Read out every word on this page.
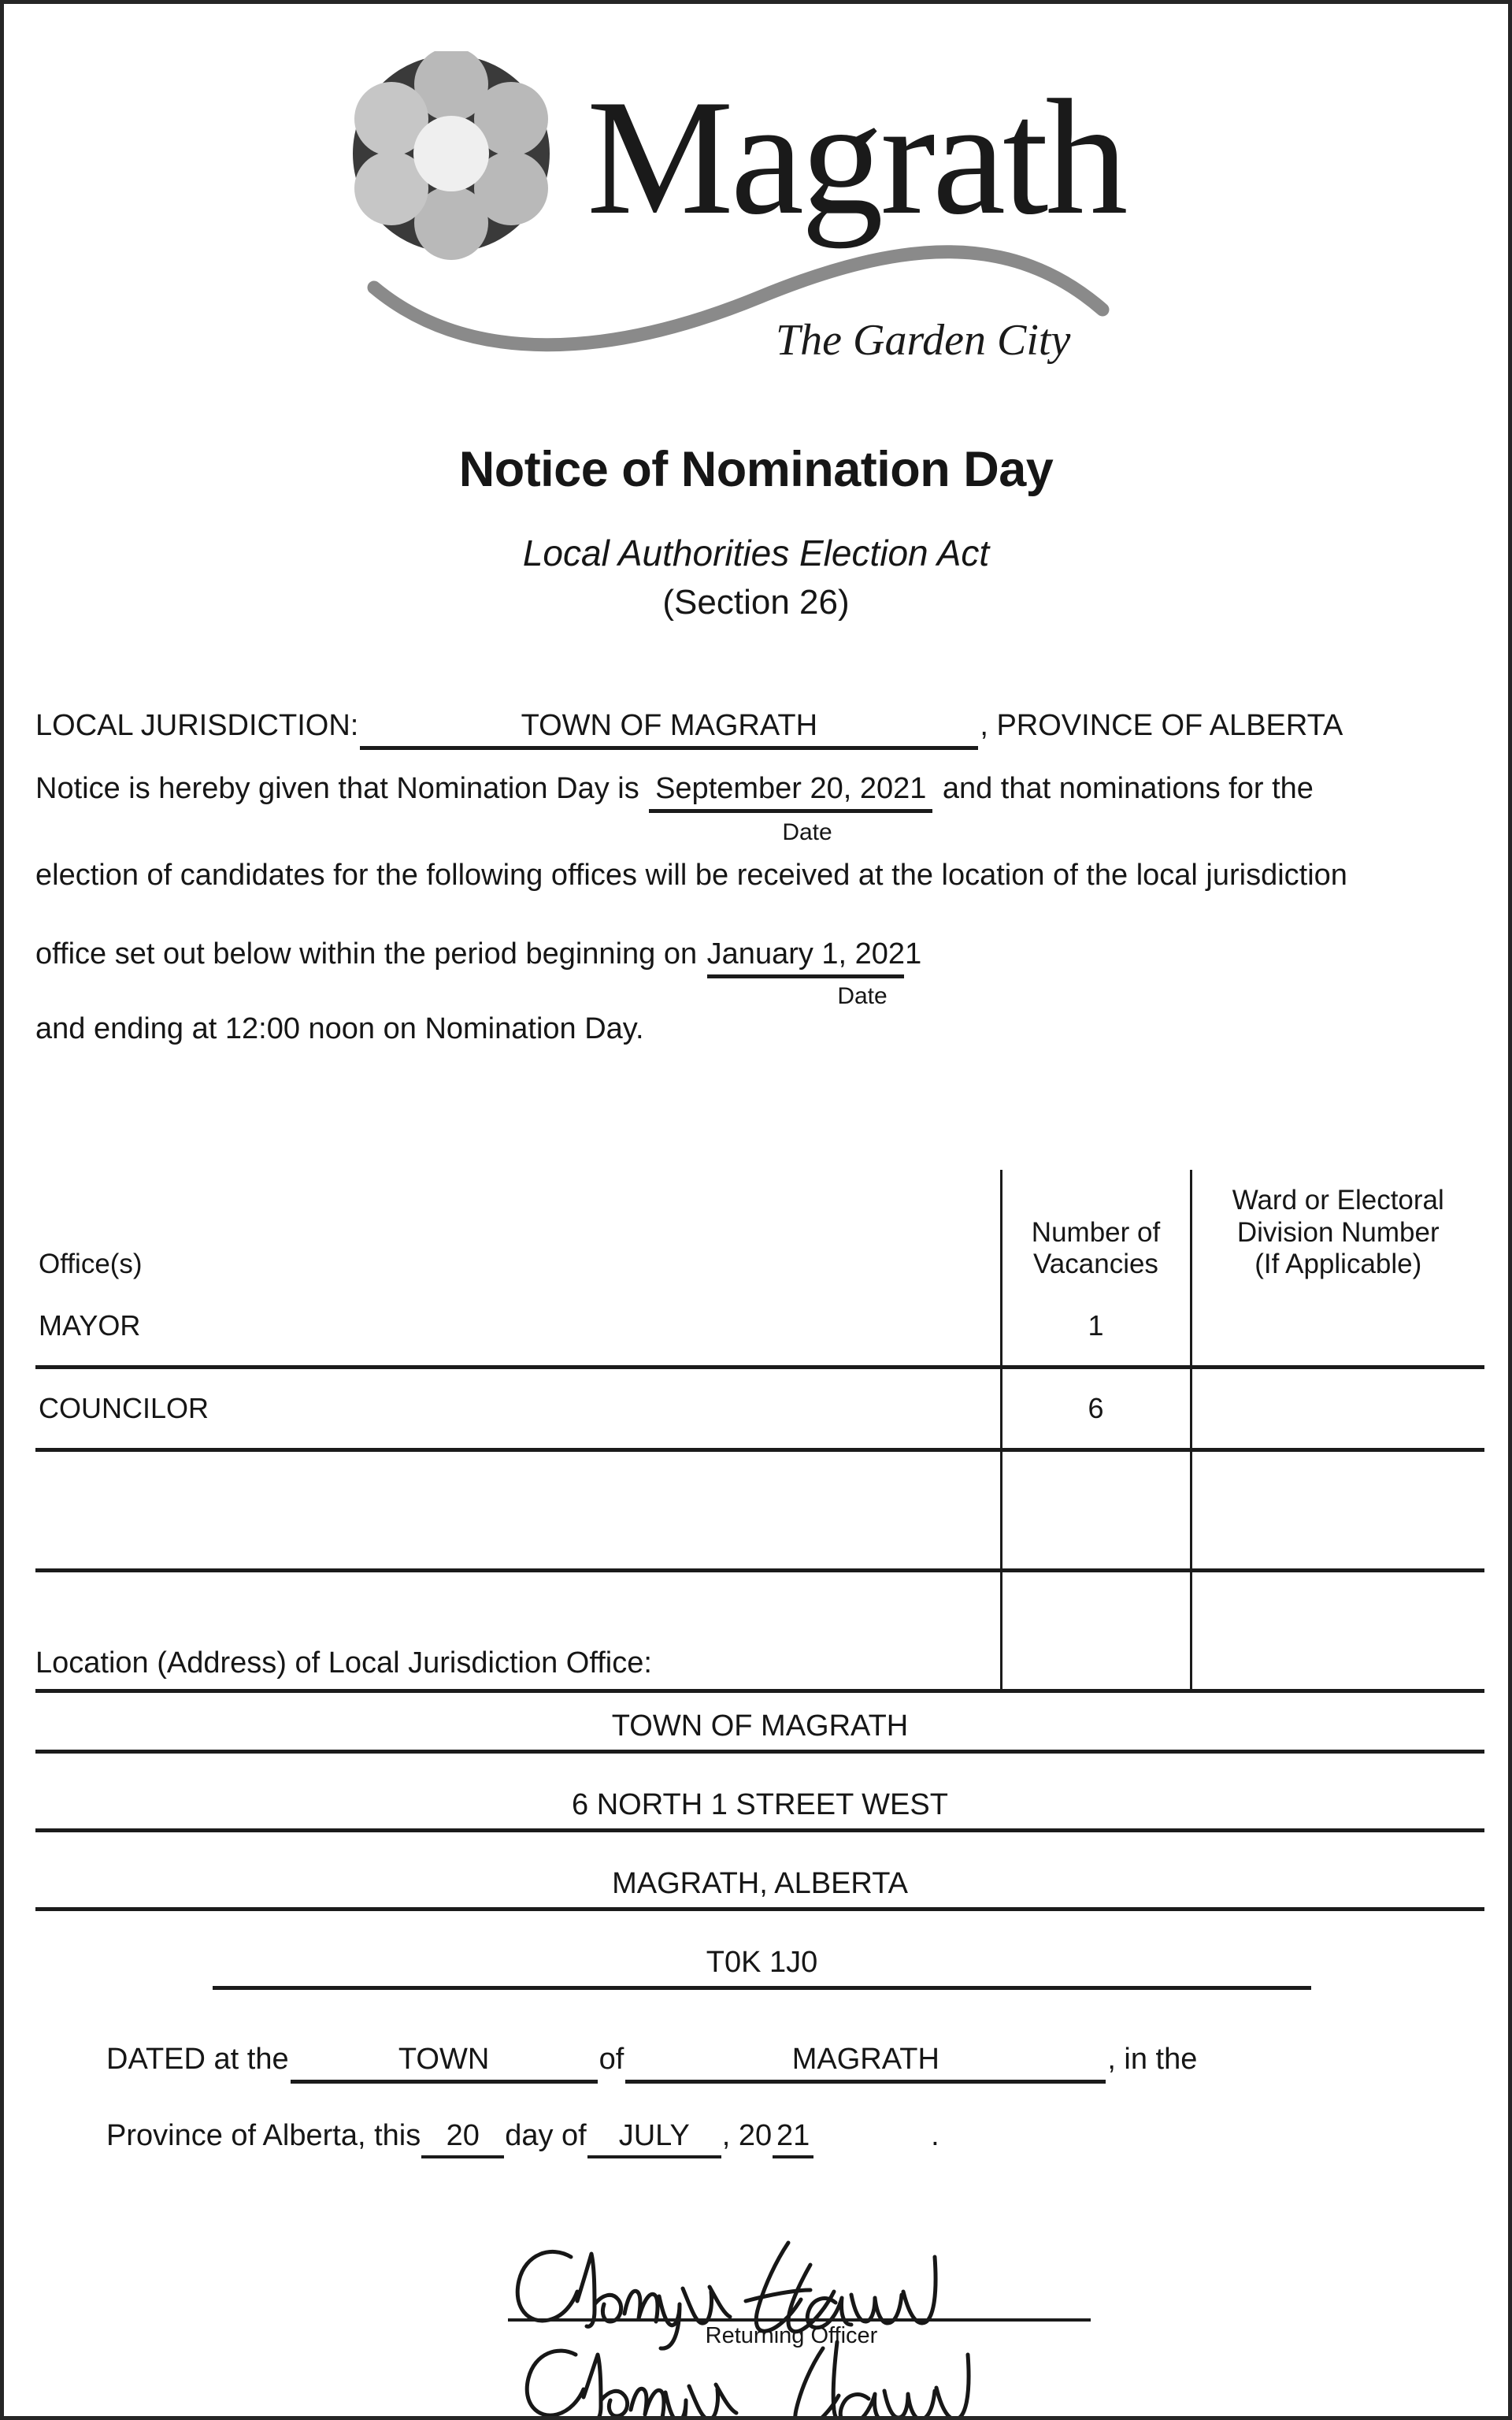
Magrath
The Garden City
Notice of Nomination Day
Local Authorities Election Act
(Section 26)
LOCAL JURISDICTION:	TOWN OF MAGRATH	, PROVINCE OF ALBERTA
Notice is hereby given that Nomination Day is September 20, 2021 and that nominations for the
Date
election of candidates for the following offices will be received at the location of the local jurisdiction
office set out below within the period beginning on January 1, 2021
Date
and ending at 12:00 noon on Nomination Day.
Office(s)	
Number of
Vacancies

Ward or Electoral
Division Number
(If Applicable)

MAYOR	1	
COUNCILOR	6	

Location (Address) of Local Jurisdiction Office:
TOWN OF MAGRATH
6 NORTH 1 STREET WEST
MAGRATH, ALBERTA
T0K 1J0
DATED at the	TOWN	of	MAGRATH	, in the
Province of Alberta, this 20 day of JULY , 20 21	.
Returning Officer
